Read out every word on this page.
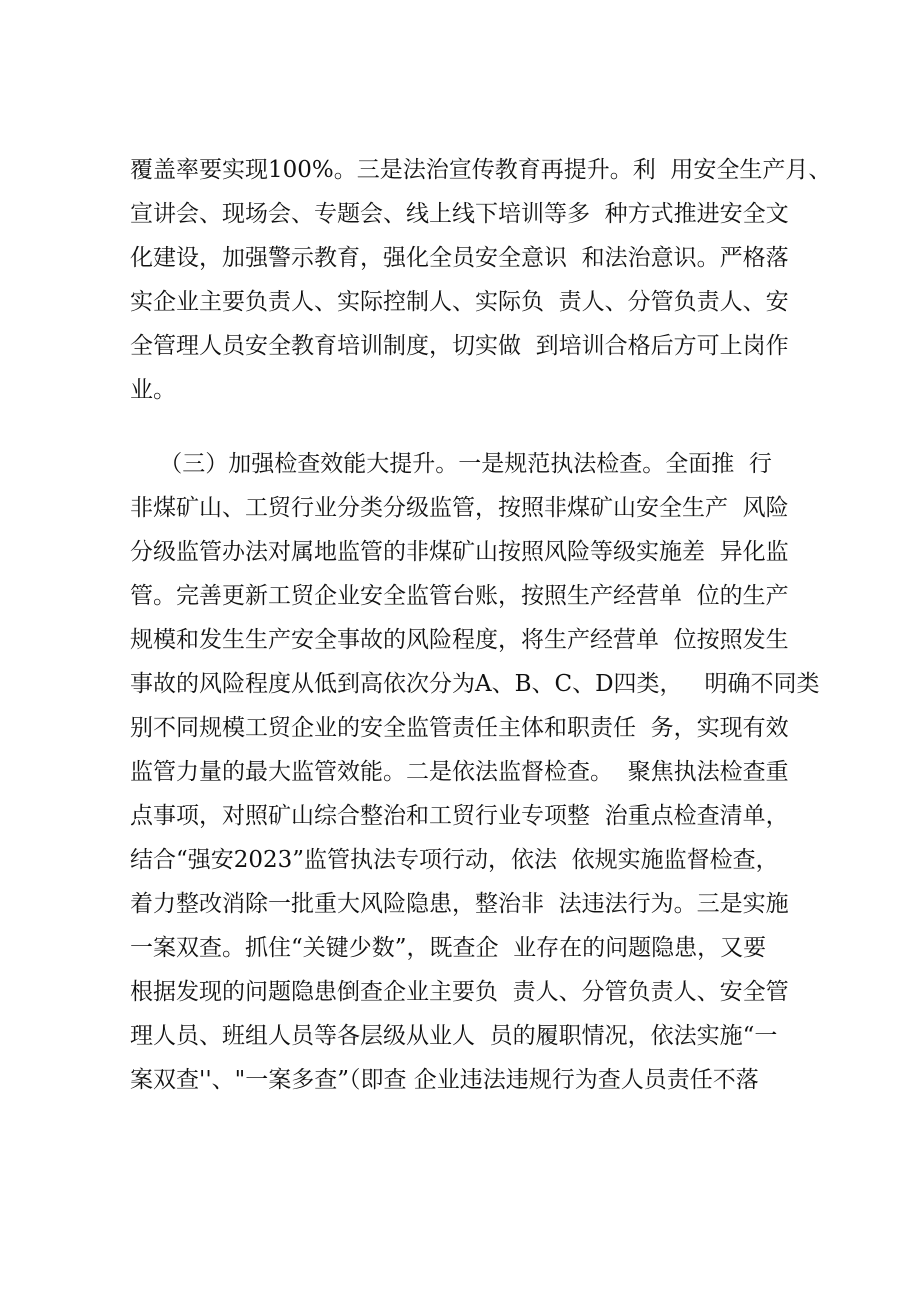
覆盖率要实现100%。三是法治宣传教育再提升。利  用安全生产月、
宣讲会、现场会、专题会、线上线下培训等多  种方式推进安全文
化建设，加强警示教育，强化全员安全意识  和法治意识。严格落
实企业主要负责人、实际控制人、实际负  责人、分管负责人、安
全管理人员安全教育培训制度，切实做  到培训合格后方可上岗作
业。
（三）加强检查效能大提升。一是规范执法检查。全面推  行
非煤矿山、工贸行业分类分级监管，按照非煤矿山安全生产  风险
分级监管办法对属地监管的非煤矿山按照风险等级实施差  异化监
管。完善更新工贸企业安全监管台账，按照生产经营单  位的生产
规模和发生生产安全事故的风险程度，将生产经营单  位按照发生
事故的风险程度从低到高依次分为A、B、C、D四类，   明确不同类
别不同规模工贸企业的安全监管责任主体和职责任  务，实现有效
监管力量的最大监管效能。二是依法监督检查。  聚焦执法检查重
点事项，对照矿山综合整治和工贸行业专项整  治重点检查清单，
结合“强安2023”监管执法专项行动，依法  依规实施监督检查，
着力整改消除一批重大风险隐患，整治非  法违法行为。三是实施
一案双查。抓住“关键少数”，既查企  业存在的问题隐患，又要
根据发现的问题隐患倒查企业主要负  责人、分管负责人、安全管
理人员、班组人员等各层级从业人  员的履职情况，依法实施“一
案双查''、"一案多查”（即查 企业违法违规行为查人员责任不落
